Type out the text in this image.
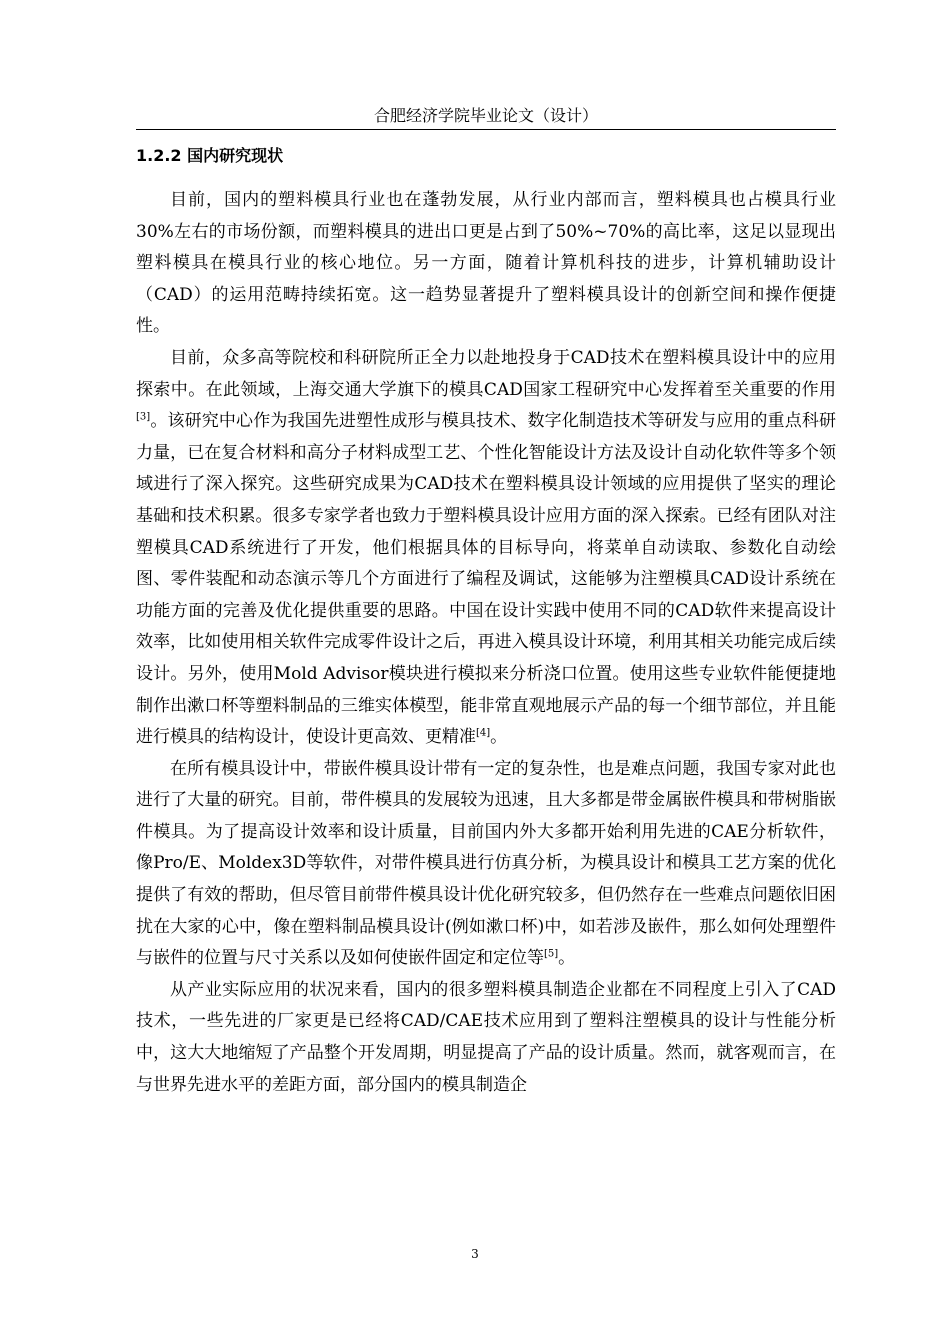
合肥经济学院毕业论文（设计）
1.2.2 国内研究现状

目前，国内的塑料模具行业也在蓬勃发展，从行业内部而言，塑料模具也占模具行业30%左右的市场份额，而塑料模具的进出口更是占到了50%~70%的高比率，这足以显现出塑料模具在模具行业的核心地位。另一方面，随着计算机科技的进步，计算机辅助设计（CAD）的运用范畴持续拓宽。这一趋势显著提升了塑料模具设计的创新空间和操作便捷性。

目前，众多高等院校和科研院所正全力以赴地投身于CAD技术在塑料模具设计中的应用探索中。在此领域，上海交通大学旗下的模具CAD国家工程研究中心发挥着至关重要的作用[3]。该研究中心作为我国先进塑性成形与模具技术、数字化制造技术等研发与应用的重点科研力量，已在复合材料和高分子材料成型工艺、个性化智能设计方法及设计自动化软件等多个领域进行了深入探究。这些研究成果为CAD技术在塑料模具设计领域的应用提供了坚实的理论基础和技术积累。很多专家学者也致力于塑料模具设计应用方面的深入探索。已经有团队对注塑模具CAD系统进行了开发，他们根据具体的目标导向，将菜单自动读取、参数化自动绘图、零件装配和动态演示等几个方面进行了编程及调试，这能够为注塑模具CAD设计系统在功能方面的完善及优化提供重要的思路。中国在设计实践中使用不同的CAD软件来提高设计效率，比如使用相关软件完成零件设计之后，再进入模具设计环境，利用其相关功能完成后续设计。另外，使用Mold Advisor模块进行模拟来分析浇口位置。使用这些专业软件能便捷地制作出漱口杯等塑料制品的三维实体模型，能非常直观地展示产品的每一个细节部位，并且能进行模具的结构设计，使设计更高效、更精准[4]。

在所有模具设计中，带嵌件模具设计带有一定的复杂性，也是难点问题，我国专家对此也进行了大量的研究。目前，带件模具的发展较为迅速，且大多都是带金属嵌件模具和带树脂嵌件模具。为了提高设计效率和设计质量，目前国内外大多都开始利用先进的CAE分析软件，像Pro/E、Moldex3D等软件，对带件模具进行仿真分析，为模具设计和模具工艺方案的优化提供了有效的帮助，但尽管目前带件模具设计优化研究较多，但仍然存在一些难点问题依旧困扰在大家的心中，像在塑料制品模具设计(例如漱口杯)中，如若涉及嵌件，那么如何处理塑件与嵌件的位置与尺寸关系以及如何使嵌件固定和定位等[5]。

从产业实际应用的状况来看，国内的很多塑料模具制造企业都在不同程度上引入了CAD技术，一些先进的厂家更是已经将CAD/CAE技术应用到了塑料注塑模具的设计与性能分析中，这大大地缩短了产品整个开发周期，明显提高了产品的设计质量。然而，就客观而言，在与世界先进水平的差距方面，部分国内的模具制造企

3
